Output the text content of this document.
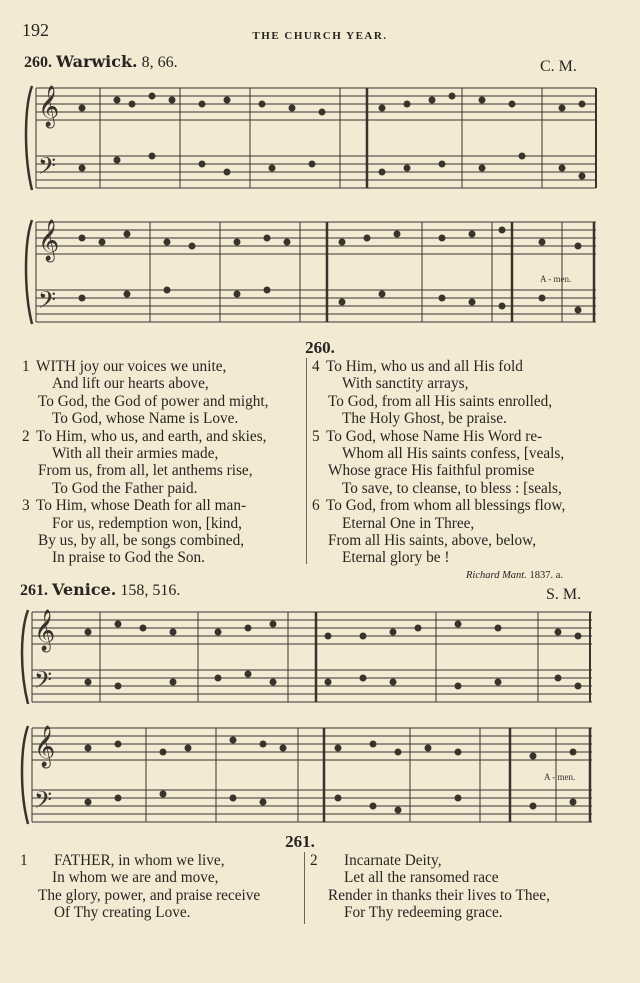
192	THE CHURCH YEAR.
260. Warwick. 8, 66.	C. M.
𝄞
𝄢
𝄞
𝄢
A - men.
260.
1 WITH joy our voices we unite,
And lift our hearts above,
To God, the God of power and might,
To God, whose Name is Love.
2 To Him, who us, and earth, and skies,
With all their armies made,
From us, from all, let anthems rise,
To God the Father paid.
3 To Him, whose Death for all man-
For us, redemption won, [kind,
By us, by all, be songs combined,
In praise to God the Son.
4 To Him, who us and all His fold
With sanctity arrays,
To God, from all His saints enrolled,
The Holy Ghost, be praise.
5 To God, whose Name His Word re-
Whom all His saints confess, [veals,
Whose grace His faithful promise
To save, to cleanse, to bless : [seals,
6 To God, from whom all blessings flow,
Eternal One in Three,
From all His saints, above, below,
Eternal glory be !
Richard Mant. 1837. a.
261. Venice. 158, 516.	S. M.
𝄞
𝄢
𝄞
𝄢
A - men.
261.
1 FATHER, in whom we live,
In whom we are and move,
The glory, power, and praise receive
Of Thy creating Love.
2 Incarnate Deity,
Let all the ransomed race
Render in thanks their lives to Thee,
For Thy redeeming grace.
